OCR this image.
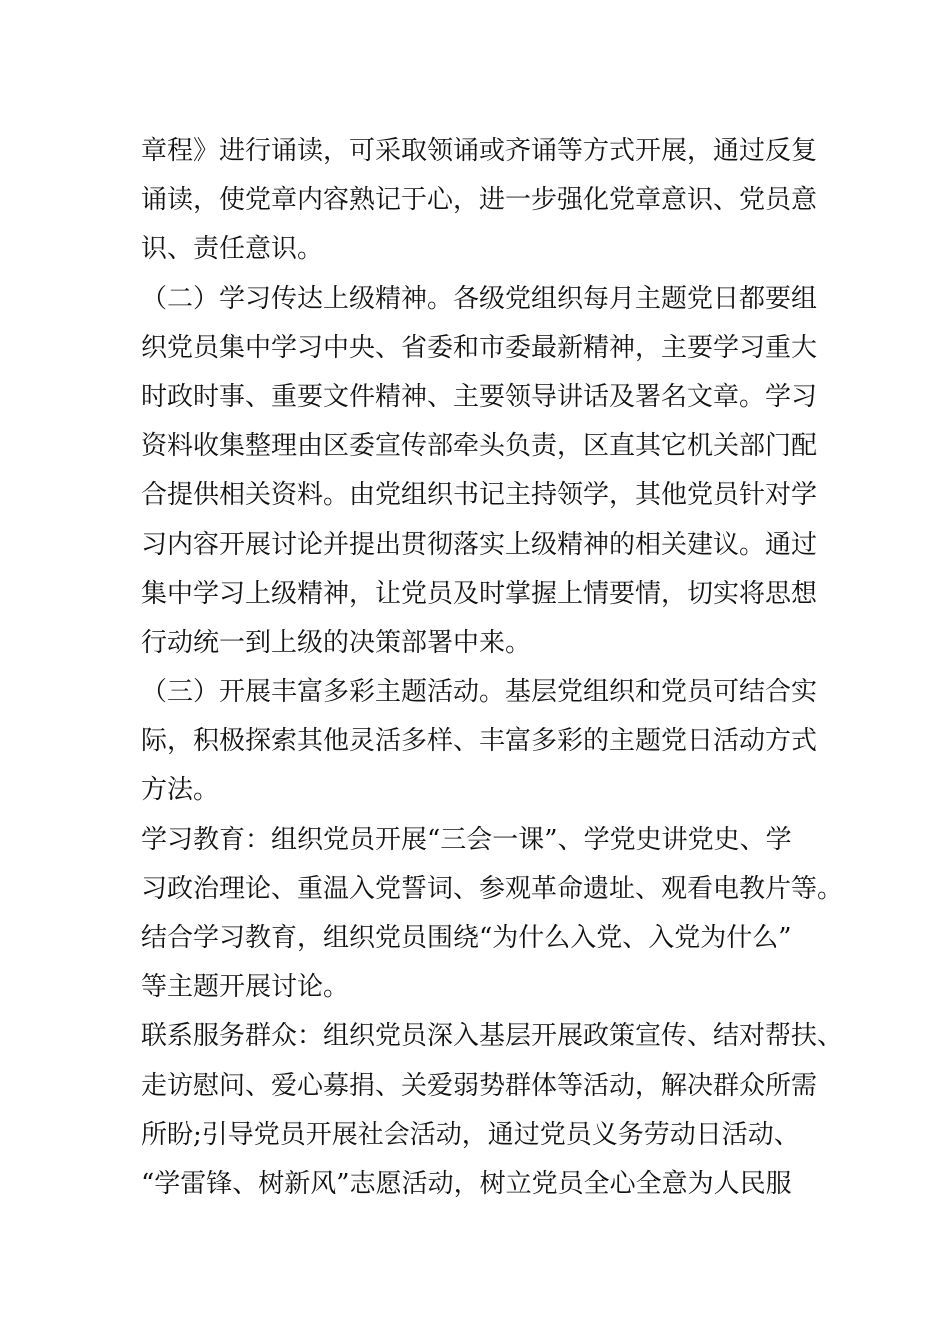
章程》进行诵读，可采取领诵或齐诵等方式开展，通过反复
诵读，使党章内容熟记于心，进一步强化党章意识、党员意
识、责任意识。
（二）学习传达上级精神。各级党组织每月主题党日都要组
织党员集中学习中央、省委和市委最新精神，主要学习重大
时政时事、重要文件精神、主要领导讲话及署名文章。学习
资料收集整理由区委宣传部牵头负责，区直其它机关部门配
合提供相关资料。由党组织书记主持领学，其他党员针对学
习内容开展讨论并提出贯彻落实上级精神的相关建议。通过
集中学习上级精神，让党员及时掌握上情要情，切实将思想
行动统一到上级的决策部署中来。
（三）开展丰富多彩主题活动。基层党组织和党员可结合实
际，积极探索其他灵活多样、丰富多彩的主题党日活动方式
方法。
学习教育：组织党员开展“三会一课”、学党史讲党史、学
习政治理论、重温入党誓词、参观革命遗址、观看电教片等。
结合学习教育，组织党员围绕“为什么入党、入党为什么”
等主题开展讨论。
联系服务群众：组织党员深入基层开展政策宣传、结对帮扶、
走访慰问、爱心募捐、关爱弱势群体等活动，解决群众所需
所盼;引导党员开展社会活动，通过党员义务劳动日活动、
“学雷锋、树新风”志愿活动，树立党员全心全意为人民服
